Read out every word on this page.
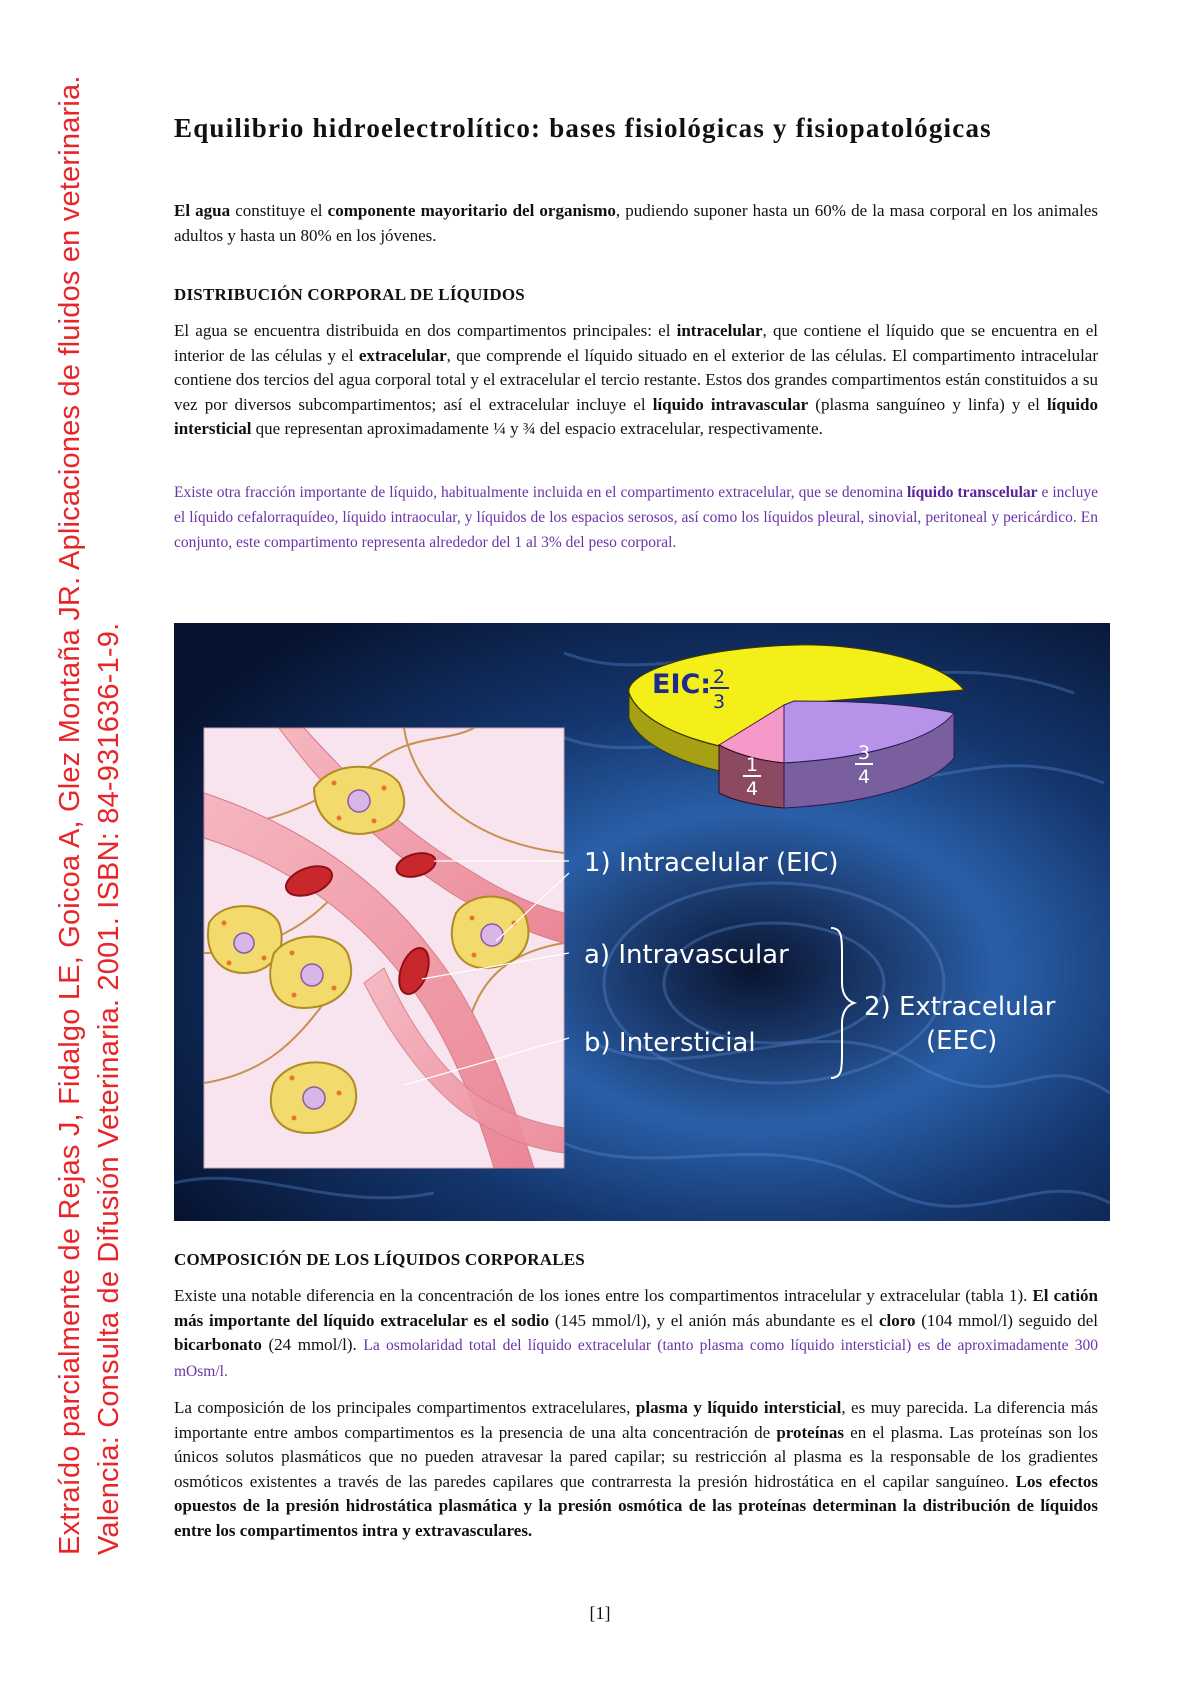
Extraído parcialmente de Rejas J, Fidalgo LE, Goicoa A, Glez Montaña JR. Aplicaciones de fluidos en veterinaria. Valencia: Consulta de Difusión Veterinaria. 2001. ISBN: 84-931636-1-9.
Equilibrio hidroelectrolítico: bases fisiológicas y fisiopatológicas

El agua constituye el componente mayoritario del organismo, pudiendo suponer hasta un 60% de la masa corporal en los animales adultos y hasta un 80% en los jóvenes.

DISTRIBUCIÓN CORPORAL DE LÍQUIDOS

El agua se encuentra distribuida en dos compartimentos principales: el intracelular, que contiene el líquido que se encuentra en el interior de las células y el extracelular, que comprende el líquido situado en el exterior de las células. El compartimento intracelular contiene dos tercios del agua corporal total y el extracelular el tercio restante. Estos dos grandes compartimentos están constituidos a su vez por diversos subcompartimentos; así el extracelular incluye el líquido intravascular (plasma sanguíneo y linfa) y el líquido intersticial que representan aproximadamente ¼ y ¾ del espacio extracelular, respectivamente.

Existe otra fracción importante de líquido, habitualmente incluida en el compartimento extracelular, que se denomina líquido transcelular e incluye el líquido cefalorraquídeo, líquido intraocular, y líquidos de los espacios serosos, así como los líquidos pleural, sinovial, peritoneal y pericárdico. En conjunto, este compartimento representa alrededor del 1 al 3% del peso corporal.

EIC: 2
3
1
4
3
4
1) Intracelular (EIC)
a) Intravascular
b) Intersticial
2) Extracelular
(EEC)
COMPOSICIÓN DE LOS LÍQUIDOS CORPORALES

Existe una notable diferencia en la concentración de los iones entre los compartimentos intracelular y extracelular (tabla 1). El catión más importante del líquido extracelular es el sodio (145 mmol/l), y el anión más abundante es el cloro (104 mmol/l) seguido del bicarbonato (24 mmol/l). La osmolaridad total del líquido extracelular (tanto plasma como líquido intersticial) es de aproximadamente 300 mOsm/l.

La composición de los principales compartimentos extracelulares, plasma y líquido intersticial, es muy parecida. La diferencia más importante entre ambos compartimentos es la presencia de una alta concentración de proteínas en el plasma. Las proteínas son los únicos solutos plasmáticos que no pueden atravesar la pared capilar; su restricción al plasma es la responsable de los gradientes osmóticos existentes a través de las paredes capilares que contrarresta la presión hidrostática en el capilar sanguíneo. Los efectos opuestos de la presión hidrostática plasmática y la presión osmótica de las proteínas determinan la distribución de líquidos entre los compartimentos intra y extravasculares.

[1]
